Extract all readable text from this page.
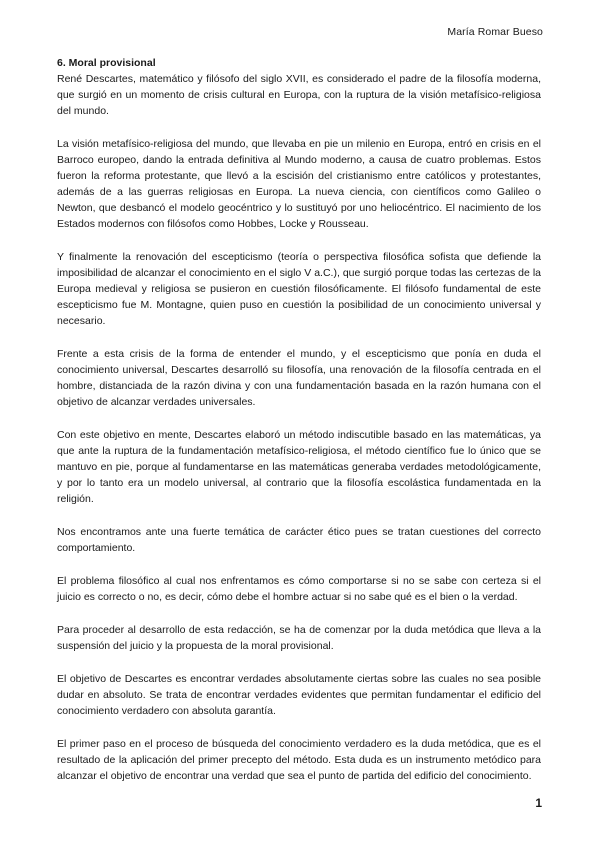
María Romar Bueso
6. Moral provisional

René Descartes, matemático y filósofo del siglo XVII, es considerado el padre de la filosofía moderna, que surgió en un momento de crisis cultural en Europa, con la ruptura de la visión metafísico-religiosa del mundo.

La visión metafísico-religiosa del mundo, que llevaba en pie un milenio en Europa, entró en crisis en el Barroco europeo, dando la entrada definitiva al Mundo moderno, a causa de cuatro problemas. Estos fueron la reforma protestante, que llevó a la escisión del cristianismo entre católicos y protestantes, además de a las guerras religiosas en Europa. La nueva ciencia, con científicos como Galileo o Newton, que desbancó el modelo geocéntrico y lo sustituyó por uno heliocéntrico. El nacimiento de los Estados modernos con filósofos como Hobbes, Locke y Rousseau.

Y finalmente la renovación del escepticismo (teoría o perspectiva filosófica sofista que defiende la imposibilidad de alcanzar el conocimiento en el siglo V a.C.), que surgió porque todas las certezas de la Europa medieval y religiosa se pusieron en cuestión filosóficamente. El filósofo fundamental de este escepticismo fue M. Montagne, quien puso en cuestión la posibilidad de un conocimiento universal y necesario.

Frente a esta crisis de la forma de entender el mundo, y el escepticismo que ponía en duda el conocimiento universal, Descartes desarrolló su filosofía, una renovación de la filosofía centrada en el hombre, distanciada de la razón divina y con una fundamentación basada en la razón humana con el objetivo de alcanzar verdades universales.

Con este objetivo en mente, Descartes elaboró un método indiscutible basado en las matemáticas, ya que ante la ruptura de la fundamentación metafísico-religiosa, el método científico fue lo único que se mantuvo en pie, porque al fundamentarse en las matemáticas generaba verdades metodológicamente, y por lo tanto era un modelo universal, al contrario que la filosofía escolástica fundamentada en la religión.

Nos encontramos ante una fuerte temática de carácter ético pues se tratan cuestiones del correcto comportamiento.

El problema filosófico al cual nos enfrentamos es cómo comportarse si no se sabe con certeza si el juicio es correcto o no, es decir, cómo debe el hombre actuar si no sabe qué es el bien o la verdad.

Para proceder al desarrollo de esta redacción, se ha de comenzar por la duda metódica que lleva a la suspensión del juicio y la propuesta de la moral provisional.

El objetivo de Descartes es encontrar verdades absolutamente ciertas sobre las cuales no sea posible dudar en absoluto. Se trata de encontrar verdades evidentes que permitan fundamentar el edificio del conocimiento verdadero con absoluta garantía.

El primer paso en el proceso de búsqueda del conocimiento verdadero es la duda metódica, que es el resultado de la aplicación del primer precepto del método. Esta duda es un instrumento metódico para alcanzar el objetivo de encontrar una verdad que sea el punto de partida del edificio del conocimiento.

1
